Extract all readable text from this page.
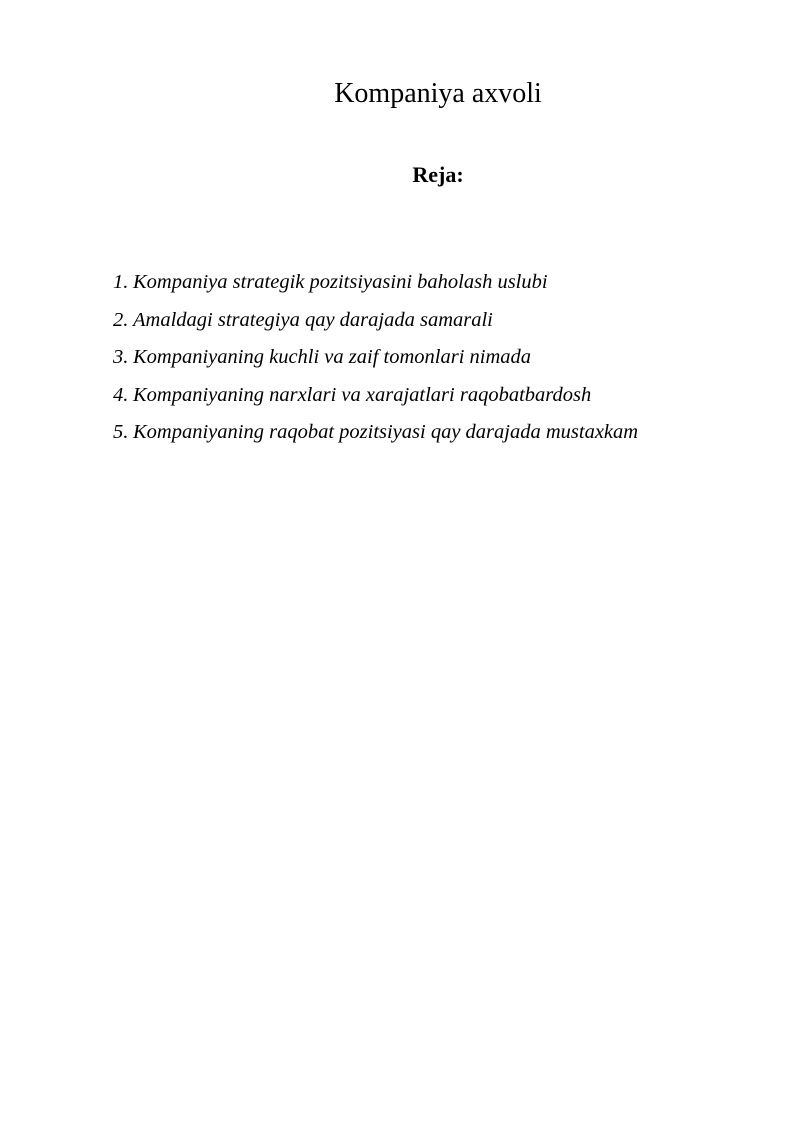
Kompaniya axvoli
Reja:
1. Kompaniya strategik pozitsiyasini baholash uslubi
2. Amaldagi strategiya qay darajada samarali
3. Kompaniyaning kuchli va zaif tomonlari nimada
4. Kompaniyaning narxlari va xarajatlari raqobatbardosh
5. Kompaniyaning raqobat pozitsiyasi qay darajada mustaxkam
